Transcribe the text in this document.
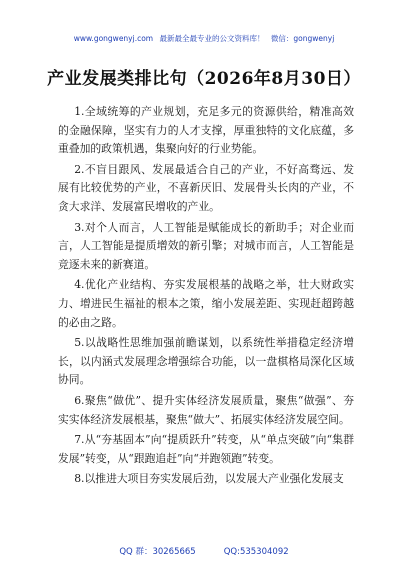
www.gongwenyj.com 最新最全最专业的公文资料库！ 微信：gongwenyj
产业发展类排比句（2026年8月30日）

1.全域统筹的产业规划，充足多元的资源供给，精准高效的金融保障，坚实有力的人才支撑，厚重独特的文化底蕴，多重叠加的政策机遇，集聚向好的行业势能。

2.不盲目跟风、发展最适合自己的产业，不好高骛远、发展有比较优势的产业，不喜新厌旧、发展骨头长肉的产业，不贪大求洋、发展富民增收的产业。

3.对个人而言，人工智能是赋能成长的新助手；对企业而言，人工智能是提质增效的新引擎；对城市而言，人工智能是竞逐未来的新赛道。

4.优化产业结构、夯实发展根基的战略之举，壮大财政实力、增进民生福祉的根本之策，缩小发展差距、实现赶超跨越的必由之路。

5.以战略性思维加强前瞻谋划，以系统性举措稳定经济增长，以内涵式发展理念增强综合功能，以一盘棋格局深化区域协同。

6.聚焦“做优”、提升实体经济发展质量，聚焦“做强”、夯实实体经济发展根基，聚焦“做大”、拓展实体经济发展空间。

7.从“夯基固本”向“提质跃升”转变，从“单点突破”向“集群发展”转变，从“跟跑追赶”向“并跑领跑”转变。

8.以推进大项目夯实发展后劲，以发展大产业强化发展支

QQ 群：30265665	QQ:535304092
